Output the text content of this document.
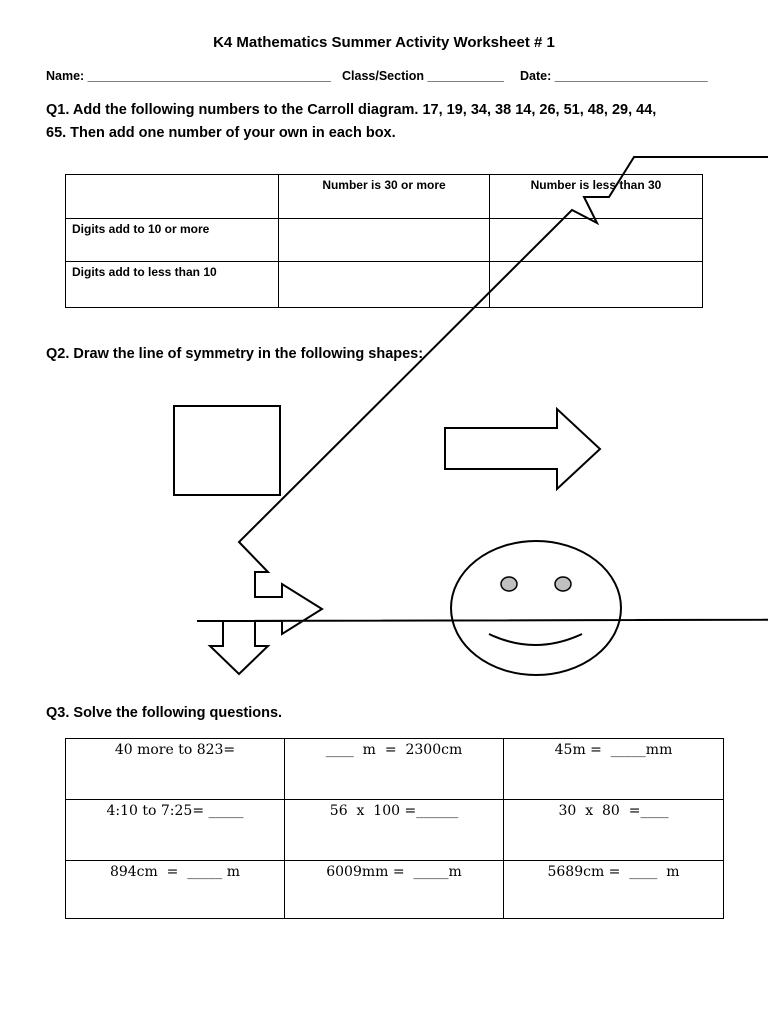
K4 Mathematics Summer Activity Worksheet # 1
Name: ___________________________________ Class/Section ___________ Date: ______________________
Q1. Add the following numbers to the Carroll diagram. 17, 19, 34, 38 14, 26, 51, 48, 29, 44,
65. Then add one number of your own in each box.
	Number is 30 or more	Number is less than 30
Digits add to 10 or more		
Digits add to less than 10		
Q2. Draw the line of symmetry in the following shapes:
Q3. Solve the following questions.
40 more to 823=	____  m  =  2300cm	45m =  _____mm
4:10 to 7:25= _____	56  x  100 =______	30  x  80  =____
894cm  =  _____ m	6009mm =  _____m	5689cm =  ____  m
